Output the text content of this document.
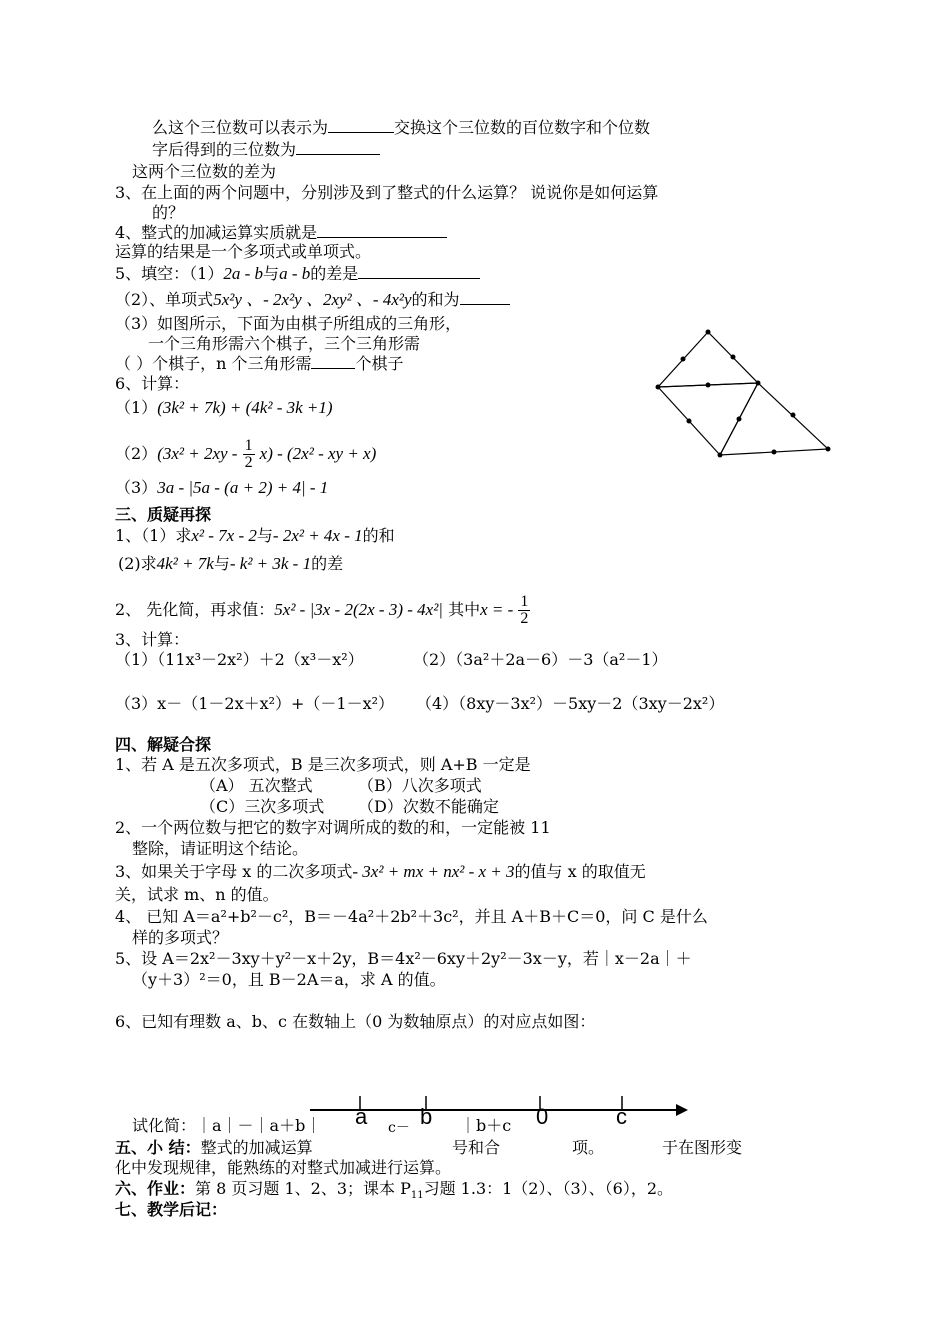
么这个三位数可以表示为	交换这个三位数的百位数字和个位数
字后得到的三位数为
这两个三位数的差为
3、在上面的两个问题中，分别涉及到了整式的什么运算？ 说说你是如何运算
的？
4、整式的加减运算实质就是
运算的结果是一个多项式或单项式。
5、填空：（1）2a - b与a - b的差是
（2）、单项式5x²y 、- 2x²y 、2xy² 、- 4x²y的和为
（3）如图所示，下面为由棋子所组成的三角形，
一个三角形需六个棋子，三个三角形需
（ ）个棋子，n 个三角形需	个棋子
6、计算：
（1）(3k² + 7k) + (4k² - 3k +1)
$(2)(3x^2 + 2xy - \frac{1}{2} x) - (2x^2$ - xy + x)
（3）3a - |5a - (a + 2) + 4| - 1
三、质疑再探
1、（1）求x² - 7x - 2与- 2x² + 4x - 1的和
(2)求4k² + 7k与- k² + 3k - 1的差
2、 先化简，再求值：5x² - |3x - 2(2x - 3) - 4x²| 其中x = - $\frac{1}{2}$
3、计算：
（1）（11x³－2x²）＋2（x³－x²）	（2）（3a²＋2a－6）－3（a²－1）
（3）x－（1－2x＋x²）+（－1－x²） （4）（8xy－3x²）－5xy－2（3xy－2x²）
四、解疑合探
1、若 A 是五次多项式，B 是三次多项式，则 A+B 一定是
（A） 五次整式	（B）八次多项式
（C）三次多项式 （D）次数不能确定
2、一个两位数与把它的数字对调所成的数的和，一定能被 11
整除，请证明这个结论。
3、如果关于字母 x 的二次多项式- 3x² + mx + nx² - x + 3的值与 x 的取值无
关，试求 m、n 的值。
4、 已知 A＝a²+b²－c²，B＝－4a²＋2b²＋3c²，并且 A＋B＋C＝0，问 C 是什么
样的多项式？
5、设 A＝2x²－3xy＋y²－x＋2y，B＝4x²－6xy＋2y²－3x－y，若｜x－2a｜＋
（y＋3）²＝0，且 B－2A＝a，求 A 的值。
6、已知有理数 a、b、c 在数轴上（0 为数轴原点）的对应点如图：
试化简：｜a｜－｜a＋b｜	c－	｜b＋c
a b	0	c
五、小 结：整式的加减运算	号和合	项。	于在图形变
化中发现规律，能熟练的对整式加减进行运算。
六、作业：第 8 页习题 1、2、3；课本 $P_{11}$习题 1.3：1（2）、（3）、（6），2。
七、教学后记：
